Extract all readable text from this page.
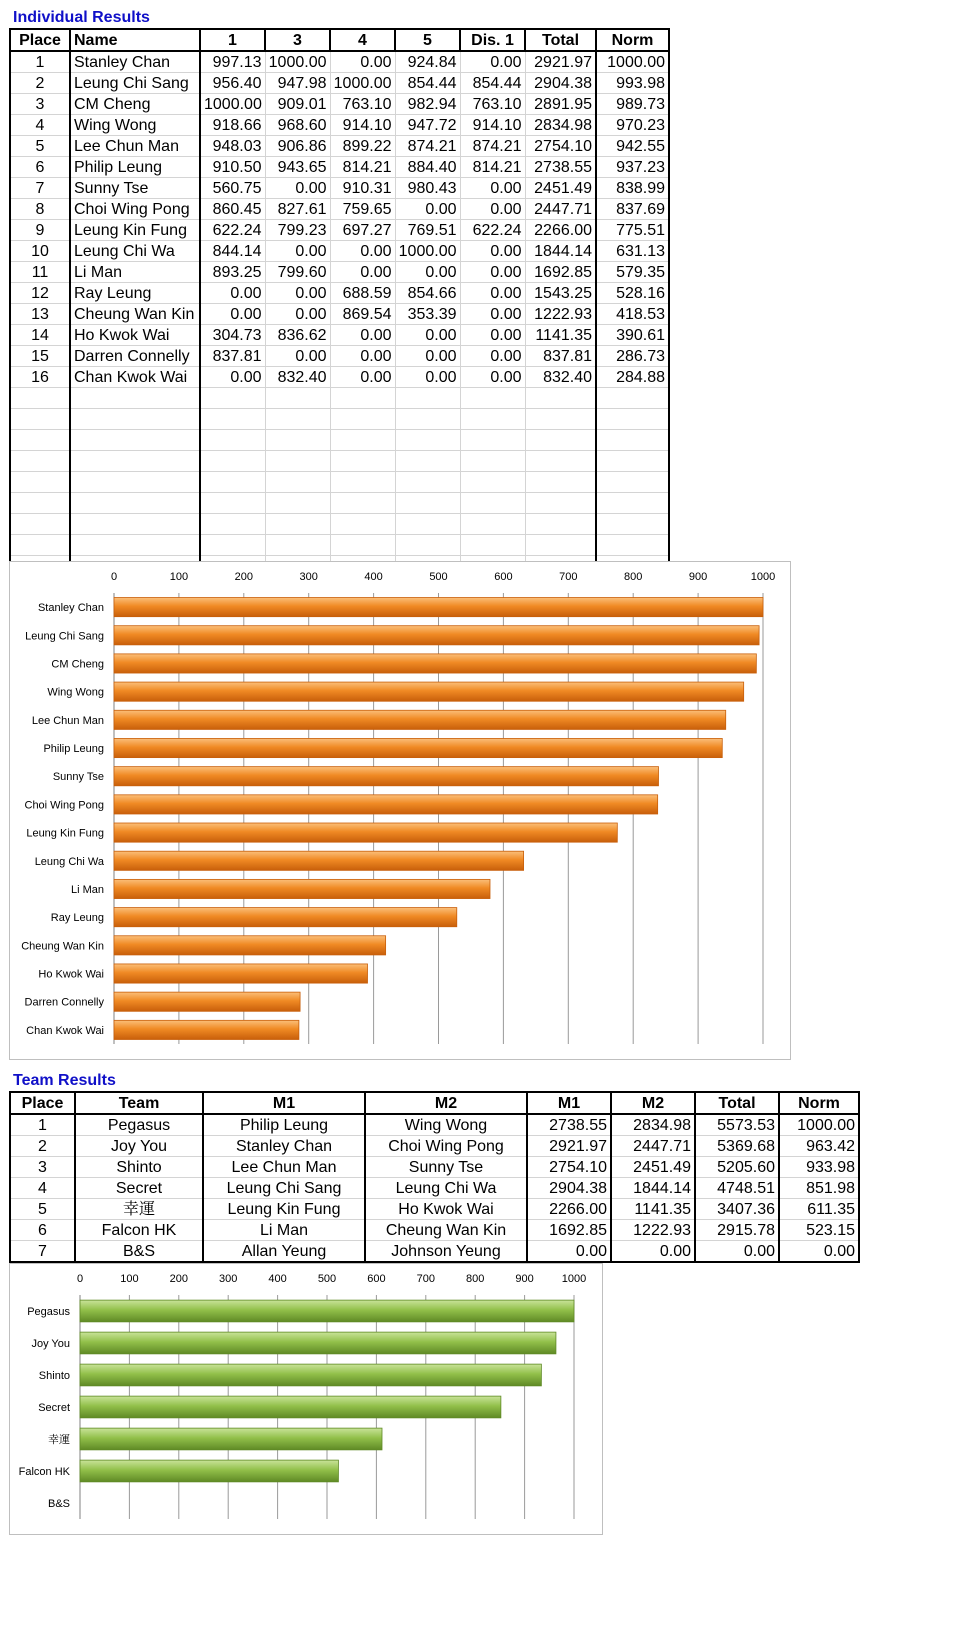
Individual Results
Place	Name	1	3	4	5	Dis. 1	Total	Norm
1	Stanley Chan	997.13	1000.00	0.00	924.84	0.00	2921.97	1000.00
2	Leung Chi Sang	956.40	947.98	1000.00	854.44	854.44	2904.38	993.98
3	CM Cheng	1000.00	909.01	763.10	982.94	763.10	2891.95	989.73
4	Wing Wong	918.66	968.60	914.10	947.72	914.10	2834.98	970.23
5	Lee Chun Man	948.03	906.86	899.22	874.21	874.21	2754.10	942.55
6	Philip Leung	910.50	943.65	814.21	884.40	814.21	2738.55	937.23
7	Sunny Tse	560.75	0.00	910.31	980.43	0.00	2451.49	838.99
8	Choi Wing Pong	860.45	827.61	759.65	0.00	0.00	2447.71	837.69
9	Leung Kin Fung	622.24	799.23	697.27	769.51	622.24	2266.00	775.51
10	Leung Chi Wa	844.14	0.00	0.00	1000.00	0.00	1844.14	631.13
11	Li Man	893.25	799.60	0.00	0.00	0.00	1692.85	579.35
12	Ray Leung	0.00	0.00	688.59	854.66	0.00	1543.25	528.16
13	Cheung Wan Kin	0.00	0.00	869.54	353.39	0.00	1222.93	418.53
14	Ho Kwok Wai	304.73	836.62	0.00	0.00	0.00	1141.35	390.61
15	Darren Connelly	837.81	0.00	0.00	0.00	0.00	837.81	286.73
16	Chan Kwok Wai	0.00	832.40	0.00	0.00	0.00	832.40	284.88

0	100	200	300	400	500	600	700	800	900	1000
Stanley Chan
Leung Chi Sang
CM Cheng
Wing Wong
Lee Chun Man
Philip Leung
Sunny Tse
Choi Wing Pong
Leung Kin Fung
Leung Chi Wa
Li Man
Ray Leung
Cheung Wan Kin
Ho Kwok Wai
Darren Connelly
Chan Kwok Wai
Team Results
Place	Team	M1	M2	M1	M2	Total	Norm
1	Pegasus	Philip Leung	Wing Wong	2738.55	2834.98	5573.53	1000.00
2	Joy You	Stanley Chan	Choi Wing Pong	2921.97	2447.71	5369.68	963.42
3	Shinto	Lee Chun Man	Sunny Tse	2754.10	2451.49	5205.60	933.98
4	Secret	Leung Chi Sang	Leung Chi Wa	2904.38	1844.14	4748.51	851.98
5	幸運	Leung Kin Fung	Ho Kwok Wai	2266.00	1141.35	3407.36	611.35
6	Falcon HK	Li Man	Cheung Wan Kin	1692.85	1222.93	2915.78	523.15
7	B&S	Allan Yeung	Johnson Yeung	0.00	0.00	0.00	0.00
0	100	200	300	400	500	600	700	800	900	1000
Pegasus
Joy You
Shinto
Secret
幸運
Falcon HK
B&S
